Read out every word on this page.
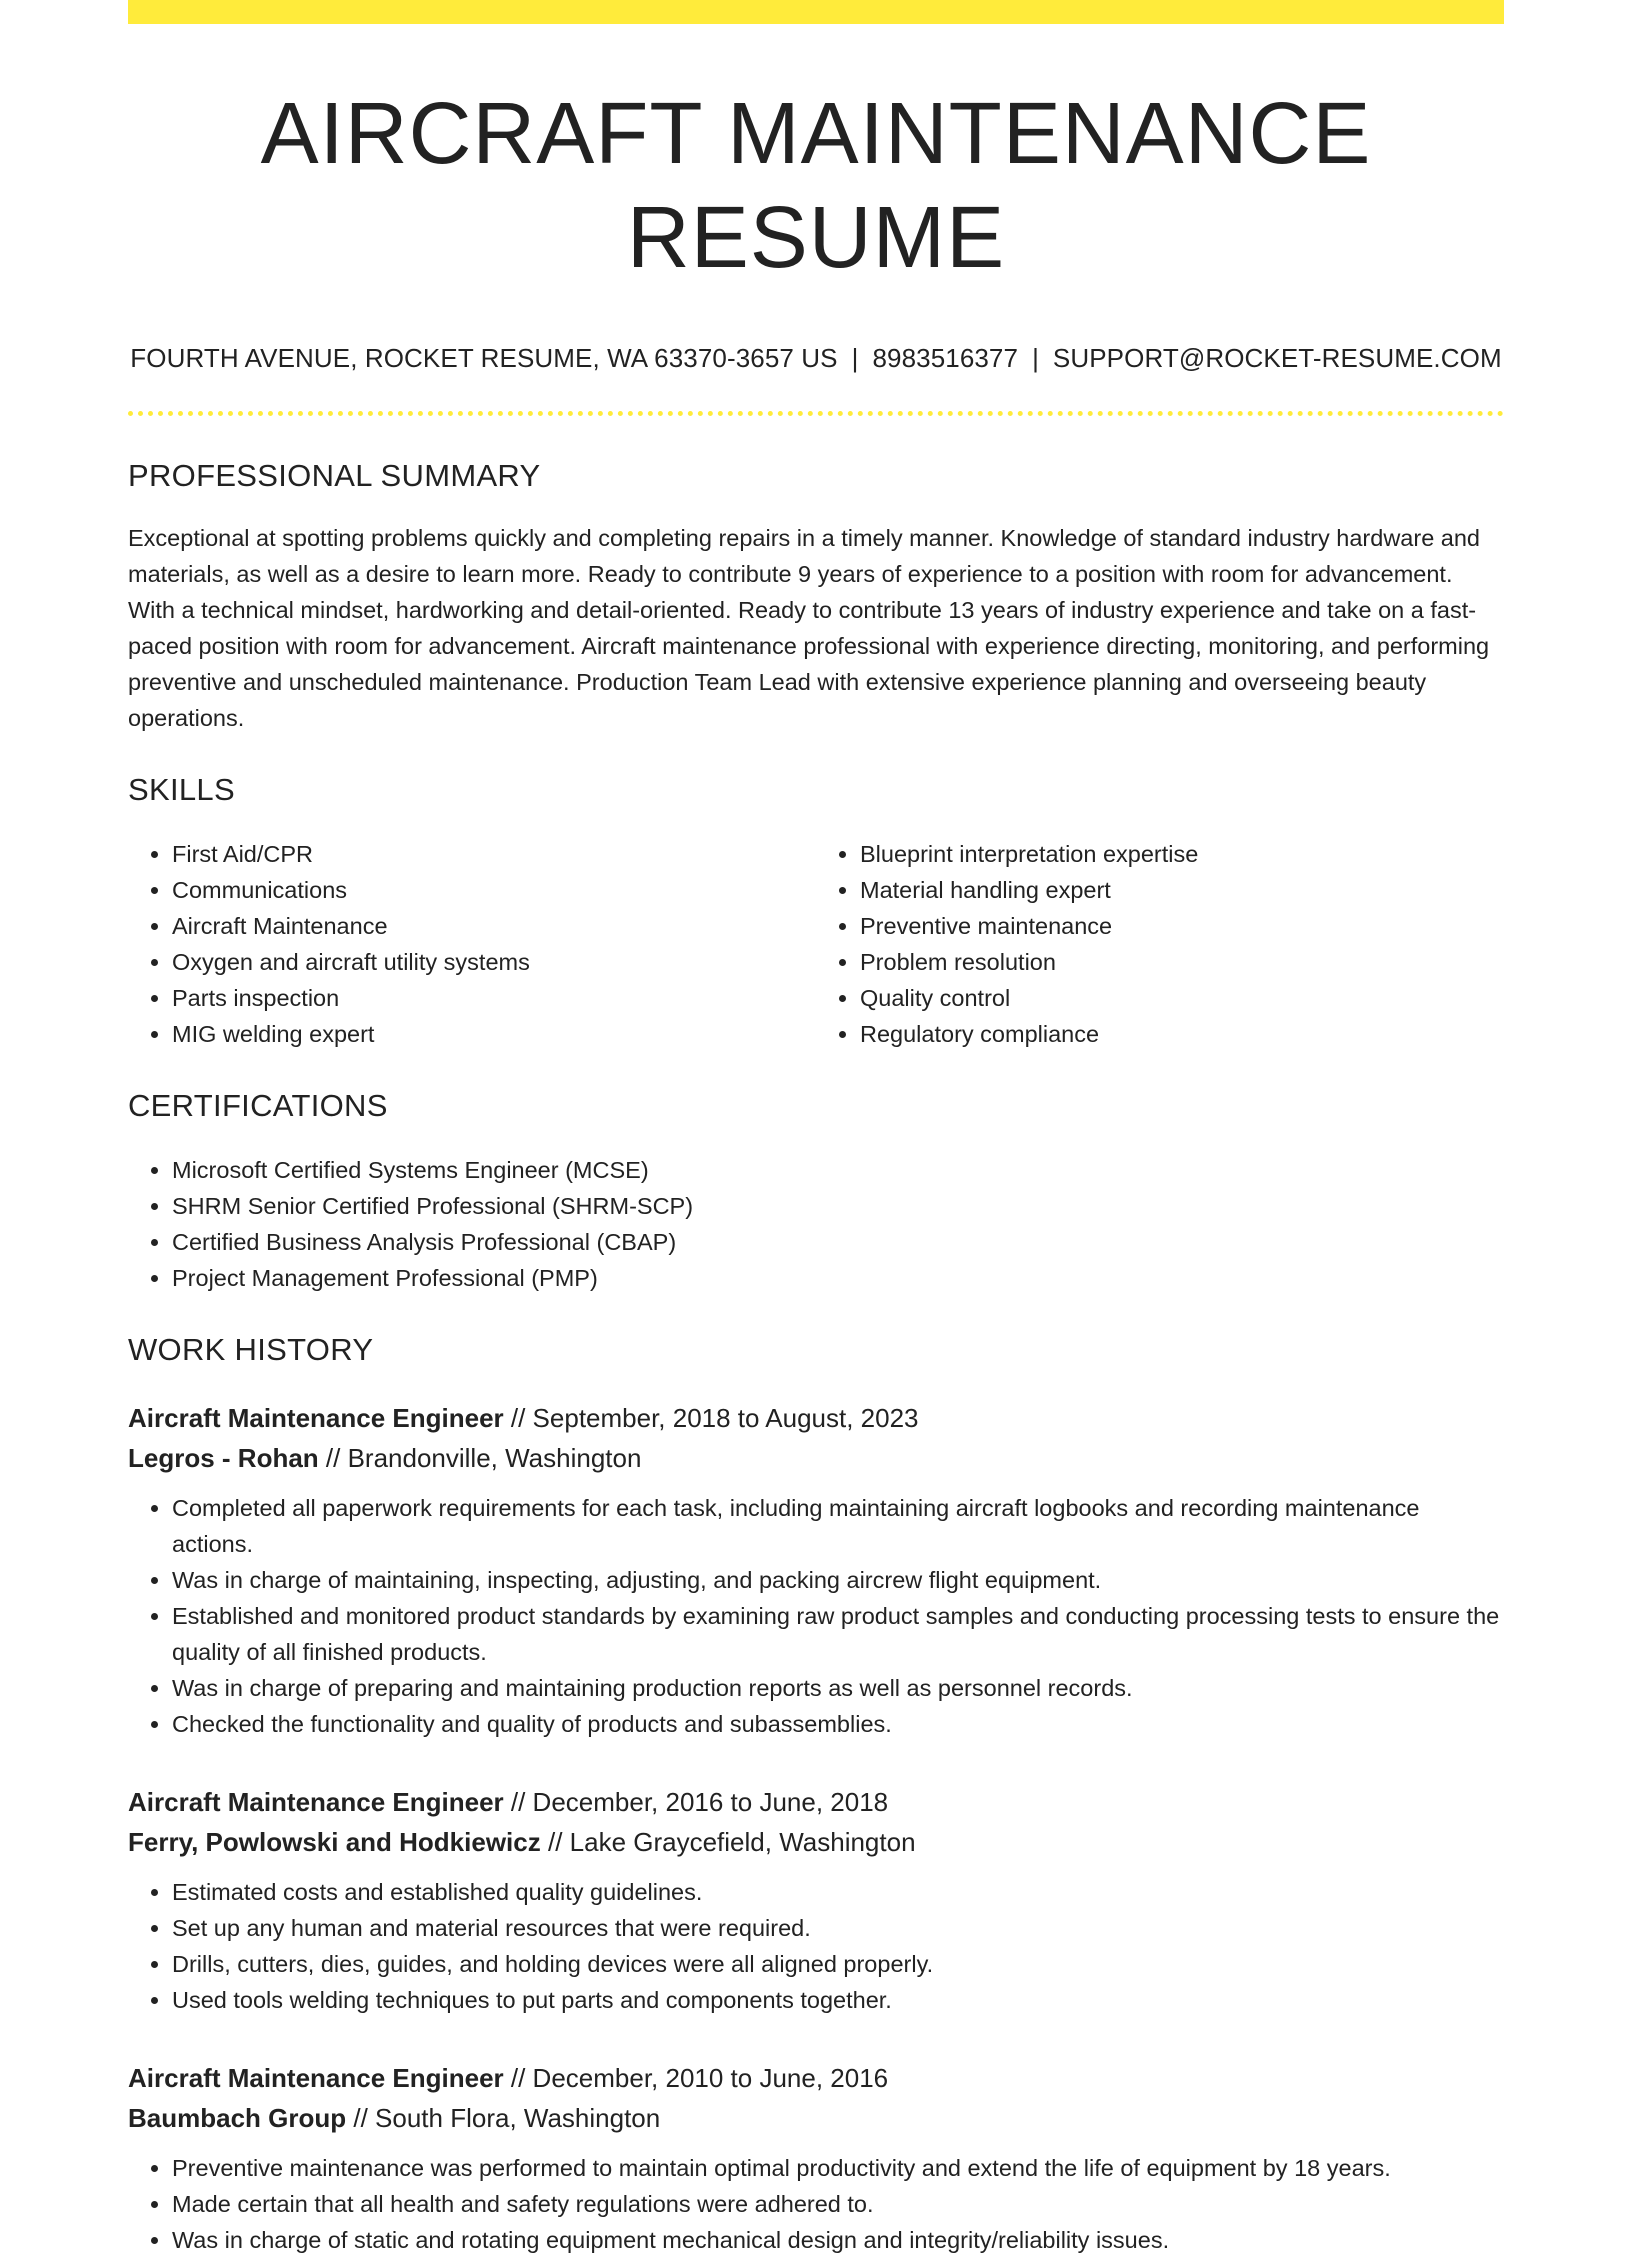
AIRCRAFT MAINTENANCE RESUME
FOURTH AVENUE, ROCKET RESUME, WA 63370-3657 US | 8983516377 | SUPPORT@ROCKET-RESUME.COM
PROFESSIONAL SUMMARY
Exceptional at spotting problems quickly and completing repairs in a timely manner. Knowledge of standard industry hardware and materials, as well as a desire to learn more. Ready to contribute 9 years of experience to a position with room for advancement. With a technical mindset, hardworking and detail-oriented. Ready to contribute 13 years of industry experience and take on a fast-paced position with room for advancement. Aircraft maintenance professional with experience directing, monitoring, and performing preventive and unscheduled maintenance. Production Team Lead with extensive experience planning and overseeing beauty operations.
SKILLS
• First Aid/CPR
• Communications
• Aircraft Maintenance
• Oxygen and aircraft utility systems
• Parts inspection
• MIG welding expert
• Blueprint interpretation expertise
• Material handling expert
• Preventive maintenance
• Problem resolution
• Quality control
• Regulatory compliance
CERTIFICATIONS
• Microsoft Certified Systems Engineer (MCSE)
• SHRM Senior Certified Professional (SHRM-SCP)
• Certified Business Analysis Professional (CBAP)
• Project Management Professional (PMP)
WORK HISTORY
Aircraft Maintenance Engineer // September, 2018 to August, 2023
Legros - Rohan // Brandonville, Washington
• Completed all paperwork requirements for each task, including maintaining aircraft logbooks and recording maintenance actions.
• Was in charge of maintaining, inspecting, adjusting, and packing aircrew flight equipment.
• Established and monitored product standards by examining raw product samples and conducting processing tests to ensure the quality of all finished products.
• Was in charge of preparing and maintaining production reports as well as personnel records.
• Checked the functionality and quality of products and subassemblies.
Aircraft Maintenance Engineer // December, 2016 to June, 2018
Ferry, Powlowski and Hodkiewicz // Lake Graycefield, Washington
• Estimated costs and established quality guidelines.
• Set up any human and material resources that were required.
• Drills, cutters, dies, guides, and holding devices were all aligned properly.
• Used tools welding techniques to put parts and components together.
Aircraft Maintenance Engineer // December, 2010 to June, 2016
Baumbach Group // South Flora, Washington
• Preventive maintenance was performed to maintain optimal productivity and extend the life of equipment by 18 years.
• Made certain that all health and safety regulations were adhered to.
• Was in charge of static and rotating equipment mechanical design and integrity/reliability issues.
